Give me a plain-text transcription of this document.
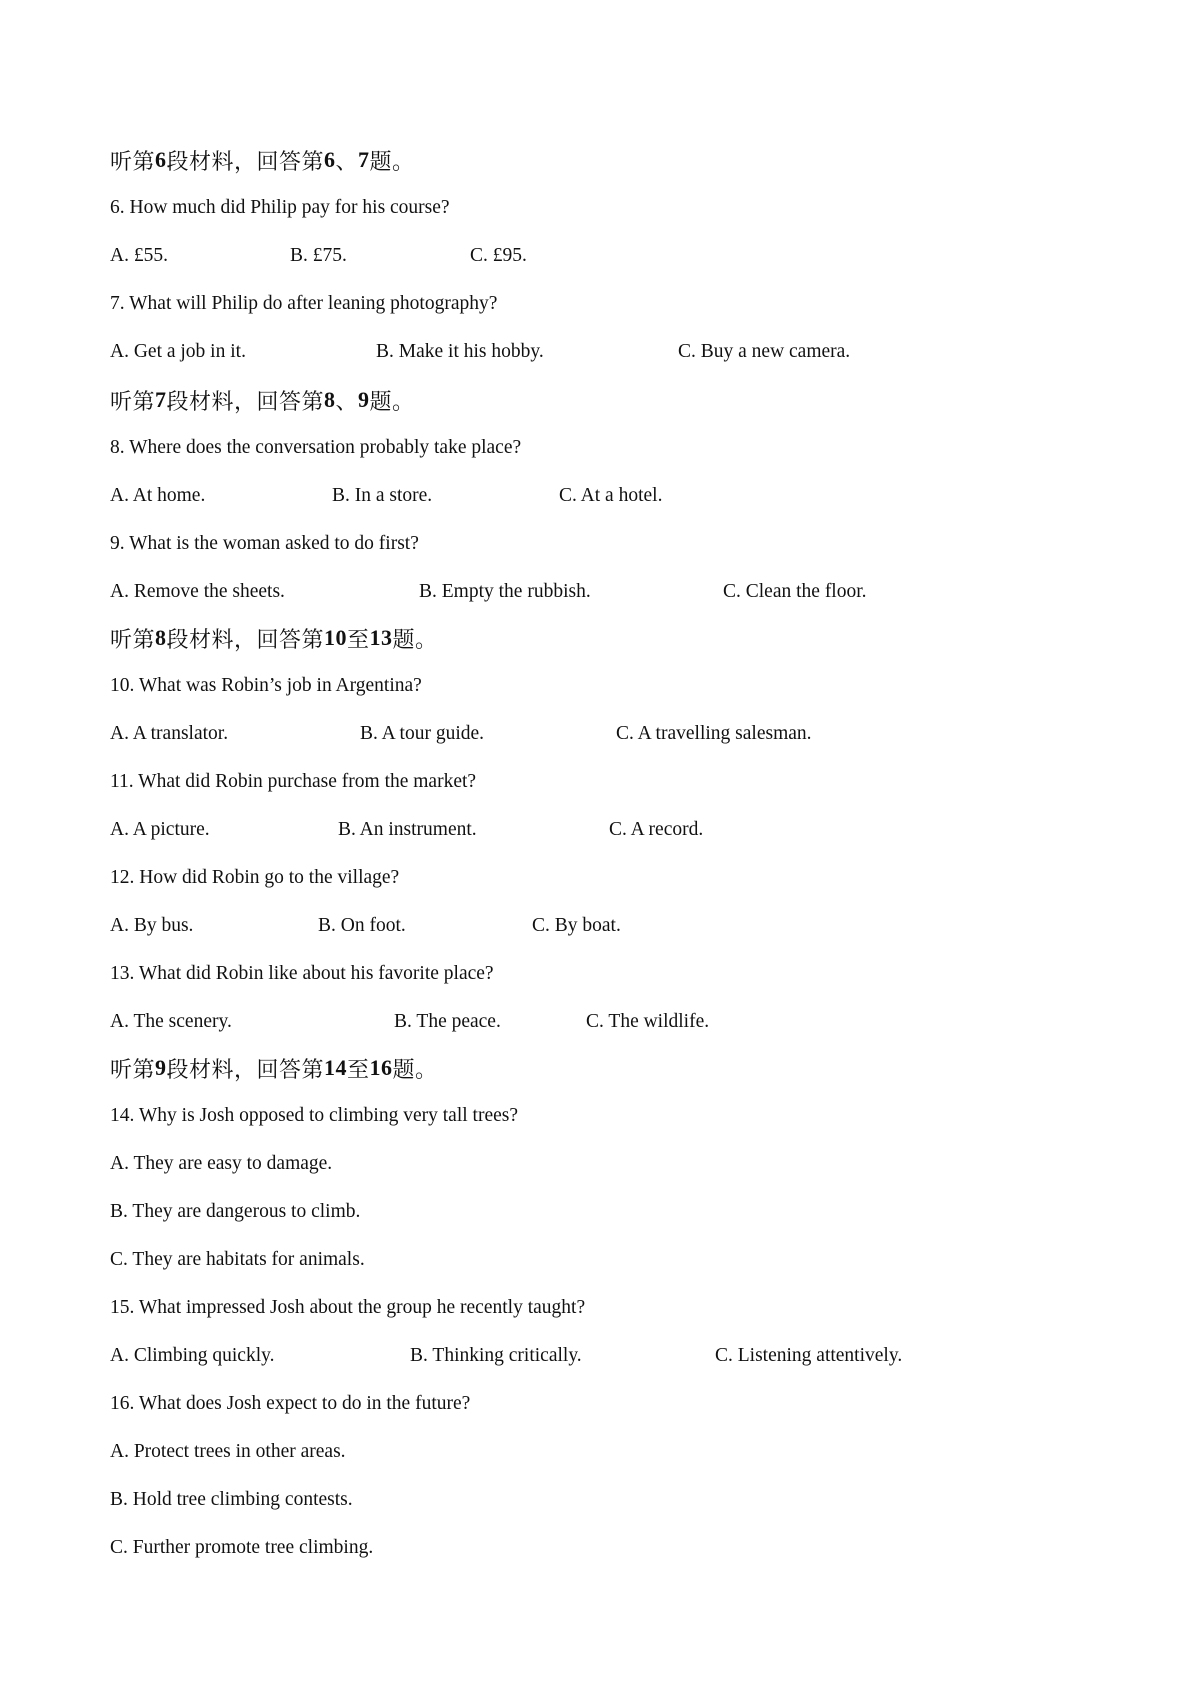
听第 6 段材料，回答第 6 、 7 题。
6. How much did Philip pay for his course?
A. £55.	B. £75.	C. £95.
7. What will Philip do after leaning photography?
A. Get a job in it.	B. Make it his hobby.	C. Buy a new camera.
听第 7 段材料，回答第 8 、 9 题。
8. Where does the conversation probably take place?
A. At home.	B. In a store.	C. At a hotel.
9. What is the woman asked to do first?
A. Remove the sheets.	B. Empty the rubbish.	C. Clean the floor.
听第 8 段材料，回答第 10 至 13 题。
10. What was Robin’s job in Argentina?
A. A translator.	B. A tour guide.	C. A travelling salesman.
11. What did Robin purchase from the market?
A. A picture.	B. An instrument.	C. A record.
12. How did Robin go to the village?
A. By bus.	B. On foot.	C. By boat.
13. What did Robin like about his favorite place?
A. The scenery.	B. The peace.	C. The wildlife.
听第 9 段材料，回答第 14 至 16 题。
14. Why is Josh opposed to climbing very tall trees?
A. They are easy to damage.
B. They are dangerous to climb.
C. They are habitats for animals.
15. What impressed Josh about the group he recently taught?
A. Climbing quickly.	B. Thinking critically.	C. Listening attentively.
16. What does Josh expect to do in the future?
A. Protect trees in other areas.
B. Hold tree climbing contests.
C. Further promote tree climbing.
